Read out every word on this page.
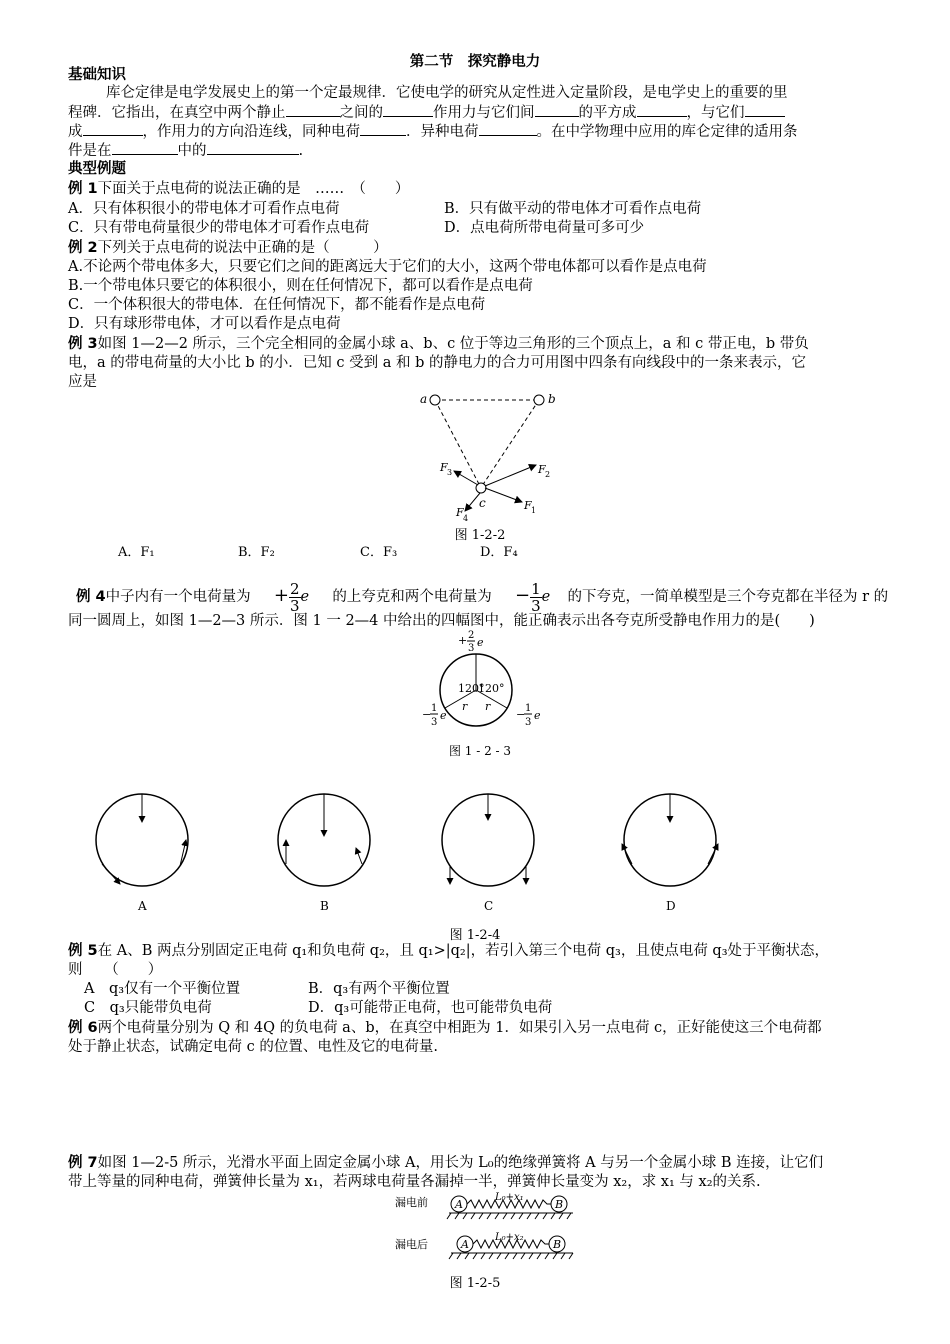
第二节　探究静电力
基础知识
库仑定律是电学发展史上的第一个定最规律．它使电学的研究从定性进入定量阶段，是电学史上的重要的里
程碑．它指出，在真空中两个静止	之间的	作用力与它们间	的平方成	，与它们
成	，作用力的方向沿连线，同种电荷	．异种电荷	。在中学物理中应用的库仑定律的适用条
件是在	中的	.
典型例题
例 1下面关于点电荷的说法正确的是　……　（　　）
A．只有体积很小的带电体才可看作点电荷	B．只有做平动的带电体才可看作点电荷
C．只有带电荷量很少的带电体才可看作点电荷	D．点电荷所带电荷量可多可少
例 2下列关于点电荷的说法中正确的是（　　　）
A.不论两个带电体多大，只要它们之间的距离远大于它们的大小，这两个带电体都可以看作是点电荷
B.一个带电体只要它的体积很小，则在任何情况下，都可以看作是点电荷
C．一个体积很大的带电体．在任何情况下，都不能看作是点电荷
D．只有球形带电体，才可以看作是点电荷
例 3如图 1—2—2 所示，三个完全相同的金属小球 a、b、c 位于等边三角形的三个顶点上，a 和 c 带正电，b 带负
电，a 的带电荷量的大小比 b 的小．已知 c 受到 a 和 b 的静电力的合力可用图中四条有向线段中的一条来表示，它
应是
a	b
c	F 1
F 2
F 3
F 4
图 1-2-2
A．F₁	B．F₂	C．F₃	D．F₄
例 4中子内有一个电荷量为 + $\frac{2}{3}$ e 的上夸克和两个电荷量为 − $\frac{1}{3}$ e 的下夸克，一简单模型是三个夸克都在半径为 r 的
同一圆周上，如图 1—2—3 所示．图 1 一 2—4 中给出的四幅图中，能正确表示出各夸克所受静电作用力的是(　　)
+ 2
3 e
120°
120°
r r
− 1
3
e	− 1
3
e
图 1 - 2 - 3
A	B	C	D
图 1-2-4
例 5在 A、B 两点分别固定正电荷 q₁和负电荷 q₂，且 q₁>|q₂|，若引入第三个电荷 q₃，且使点电荷 q₃处于平衡状态，
则　　（　　）
A　q₃仅有一个平衡位置	B．q₃有两个平衡位置
C　q₃只能带负电荷	D．q₃可能带正电荷，也可能带负电荷
例 6两个电荷量分别为 Q 和 4Q 的负电荷 a、b，在真空中相距为 1．如果引入另一点电荷 c，正好能使这三个电荷都
处于静止状态，试确定电荷 c 的位置、电性及它的电荷量.
例 7如图 1—2-5 所示，光滑水平面上固定金属小球 A，用长为 L₀的绝缘弹簧将 A 与另一个金属小球 B 连接，让它们
带上等量的同种电荷，弹簧伸长量为 x₁，若两球电荷量各漏掉一半，弹簧伸长量变为 x₂，求 x₁ 与 x₂的关系.
漏电前
漏电后
L₀+x₁
A	B
L₀+x₂
A	B
图 1-2-5
